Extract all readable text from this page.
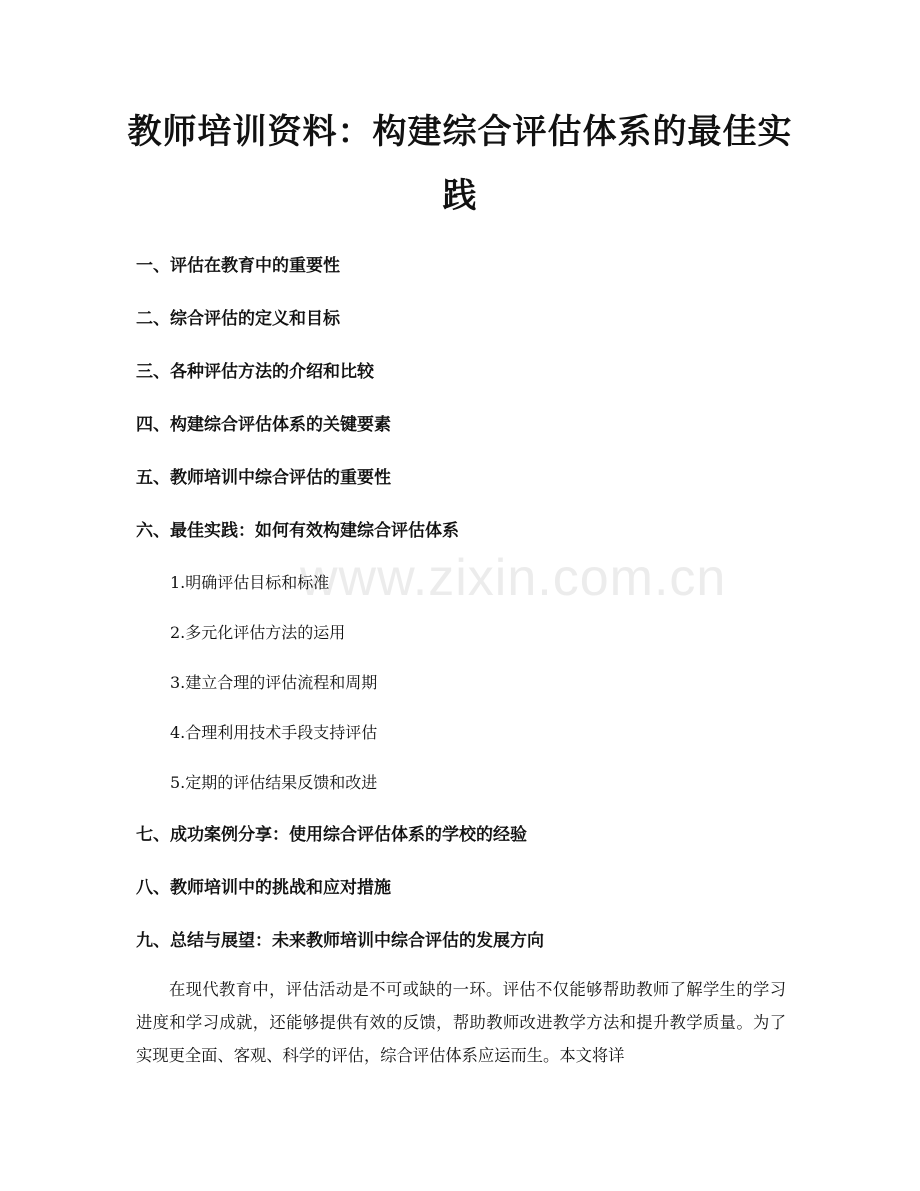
www.zixin.com.cn
教师培训资料：构建综合评估体系的最佳实践
一、评估在教育中的重要性
二、综合评估的定义和目标
三、各种评估方法的介绍和比较
四、构建综合评估体系的关键要素
五、教师培训中综合评估的重要性
六、最佳实践：如何有效构建综合评估体系
1.明确评估目标和标准
2.多元化评估方法的运用
3.建立合理的评估流程和周期
4.合理利用技术手段支持评估
5.定期的评估结果反馈和改进
七、成功案例分享：使用综合评估体系的学校的经验
八、教师培训中的挑战和应对措施
九、总结与展望：未来教师培训中综合评估的发展方向

在现代教育中，评估活动是不可或缺的一环。评估不仅能够帮助教师了解学生的学习进度和学习成就，还能够提供有效的反馈，帮助教师改进教学方法和提升教学质量。为了实现更全面、客观、科学的评估，综合评估体系应运而生。本文将详
